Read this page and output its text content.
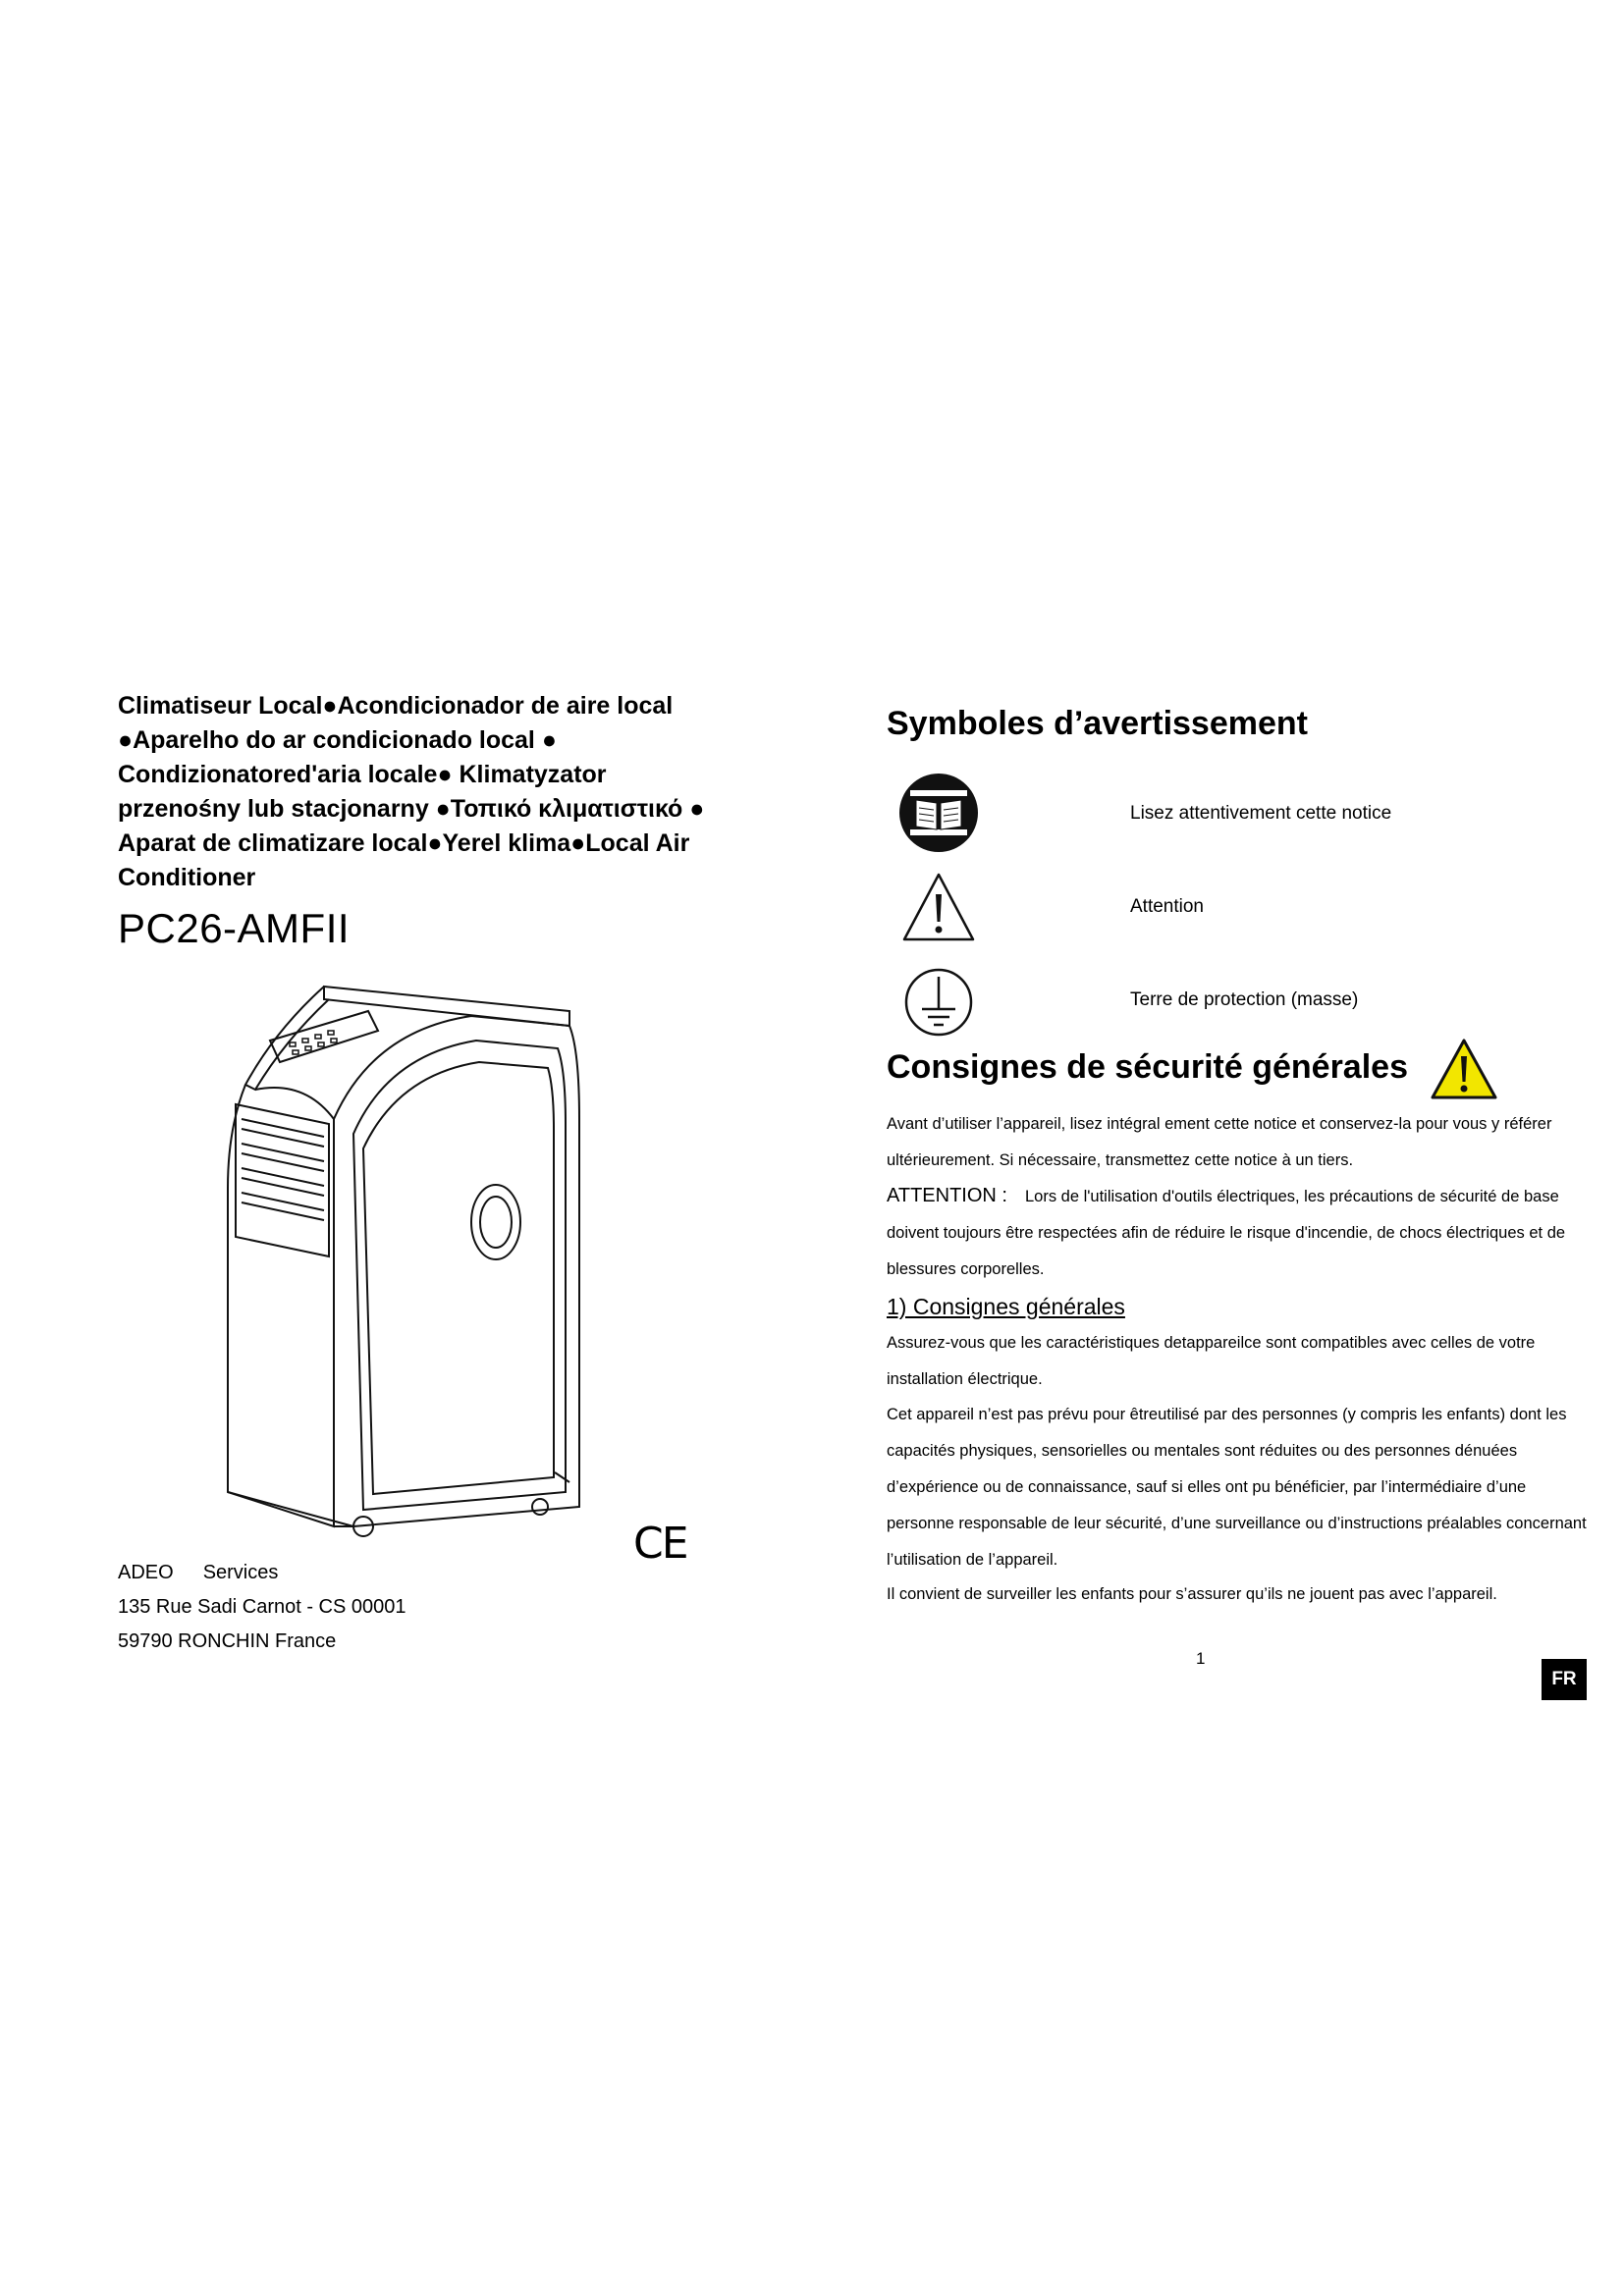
Climatiseur Local●Acondicionador de aire local
●Aparelho do ar condicionado local ●
Condizionatored'aria locale● Klimatyzator
przenośny lub stacjonarny ●Τοπικό κλιματιστικό ●
Aparat de climatizare local●Yerel klima●Local Air
Conditioner
PC26-AMFII
CE
ADEO Services
135 Rue Sadi Carnot - CS 00001
59790 RONCHIN France
Symboles d’avertissement
Lisez attentivement cette notice
Attention
Terre de protection (masse)
Consignes de sécurité générales
Avant d’utiliser l’appareil, lisez intégral ement cette notice et conservez-la pour vous y référer ultérieurement. Si nécessaire, transmettez cette notice à un tiers.
ATTENTION : Lors de l'utilisation d'outils électriques, les précautions de sécurité de base doivent toujours être respectées afin de réduire le risque d'incendie, de chocs électriques et de blessures corporelles.
1) Consignes générales
Assurez-vous que les caractéristiques detappareilce sont compatibles avec celles de votre installation électrique.
Cet appareil n’est pas prévu pour êtreutilisé par des personnes (y compris les enfants) dont les capacités physiques, sensorielles ou mentales sont réduites ou des personnes dénuées d’expérience ou de connaissance, sauf si elles ont pu bénéficier, par l’intermédiaire d’une personne responsable de leur sécurité, d’une surveillance ou d’instructions préalables concernant l’utilisation de l’appareil.
Il convient de surveiller les enfants pour s’assurer qu’ils ne jouent pas avec l’appareil.
1
FR
